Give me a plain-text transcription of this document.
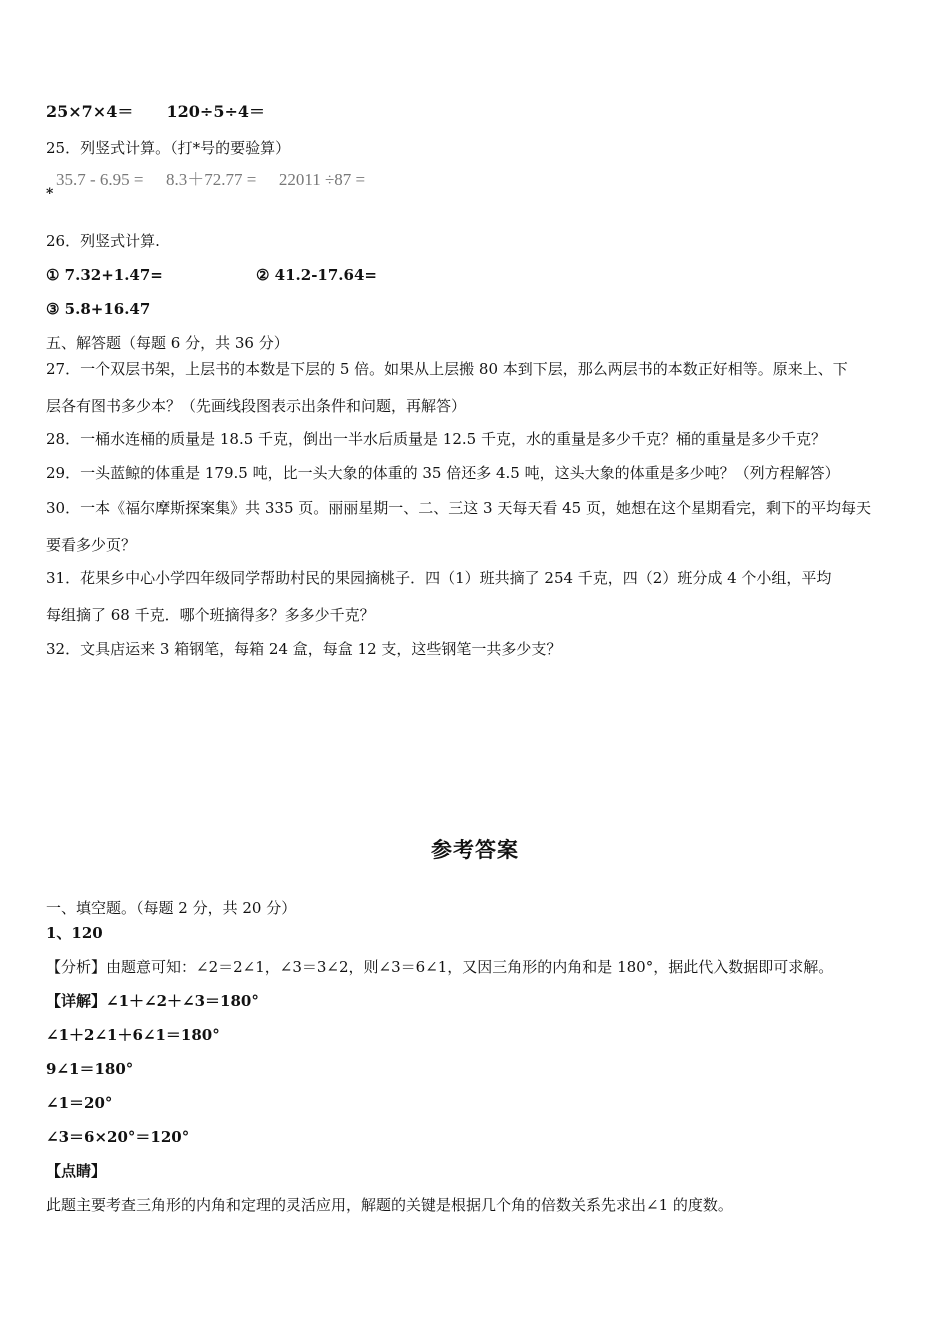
25×7×4＝ 120÷5÷4＝
25．列竖式计算。（打*号的要验算）
35.7 - 6.95 = 8.3＋72.77 = 22011 ÷87 =
*
26．列竖式计算.
① 7.32+1.47=	② 41.2-17.64=
③ 5.8+16.47
五、解答题（每题 6 分，共 36 分）
27．一个双层书架，上层书的本数是下层的 5 倍。如果从上层搬 80 本到下层，那么两层书的本数正好相等。原来上、下
层各有图书多少本？（先画线段图表示出条件和问题，再解答）
28．一桶水连桶的质量是 18.5 千克，倒出一半水后质量是 12.5 千克，水的重量是多少千克？桶的重量是多少千克？
29．一头蓝鲸的体重是 179.5 吨，比一头大象的体重的 35 倍还多 4.5 吨，这头大象的体重是多少吨？（列方程解答）
30．一本《福尔摩斯探案集》共 335 页。丽丽星期一、二、三这 3 天每天看 45 页，她想在这个星期看完，剩下的平均每天
要看多少页？
31．花果乡中心小学四年级同学帮助村民的果园摘桃子．四（1）班共摘了 254 千克，四（2）班分成 4 个小组，平均
每组摘了 68 千克．哪个班摘得多？多多少千克？
32．文具店运来 3 箱钢笔，每箱 24 盒，每盒 12 支，这些钢笔一共多少支？
参考答案
一、填空题。（每题 2 分，共 20 分）
1、120
【分析】由题意可知：∠2＝2∠1，∠3＝3∠2，则∠3＝6∠1，又因三角形的内角和是 180°，据此代入数据即可求解。
【详解】∠1＋∠2＋∠3＝180°
∠1＋2∠1＋6∠1＝180°
9∠1＝180°
∠1＝20°
∠3＝6×20°＝120°
【点睛】
此题主要考查三角形的内角和定理的灵活应用，解题的关键是根据几个角的倍数关系先求出∠1 的度数。
